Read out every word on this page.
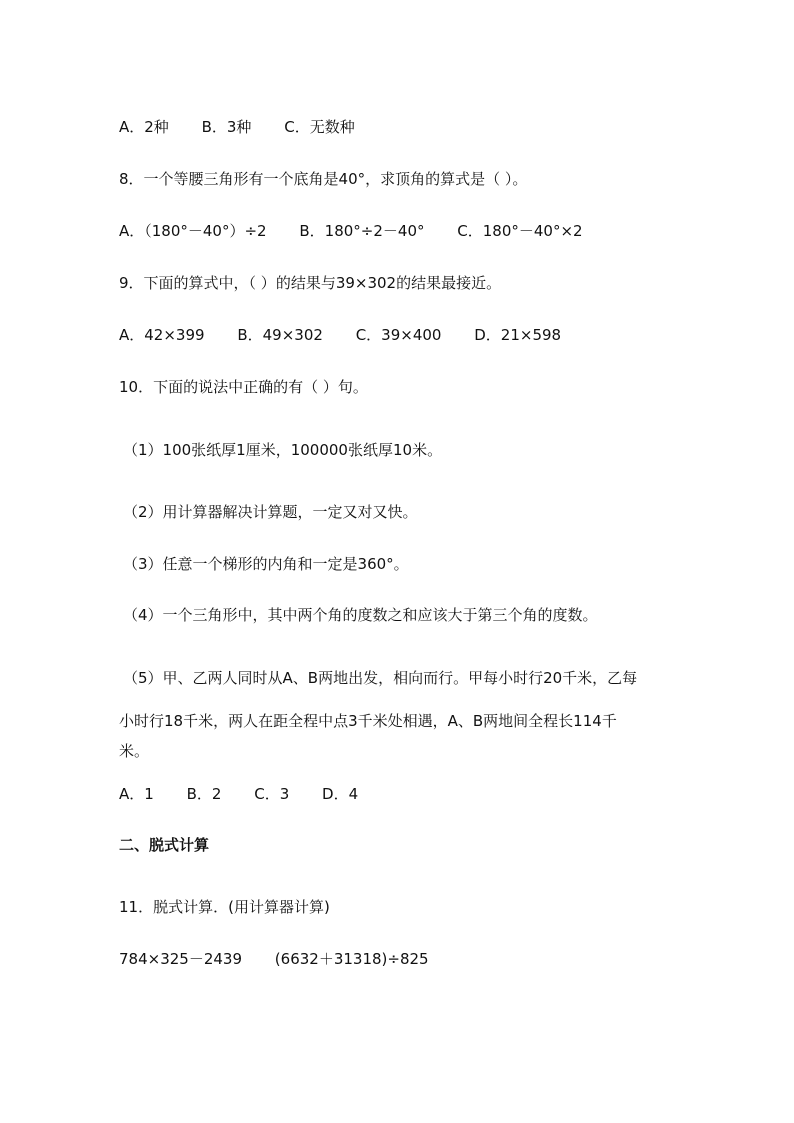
A．2种 B．3种 C．无数种
8．一个等腰三角形有一个底角是40°，求顶角的算式是（ ）。
A．（180°－40°）÷2 B．180°÷2－40° C．180°－40°×2
9．下面的算式中，（ ）的结果与39×302的结果最接近。
A．42×399 B．49×302 C．39×400 D．21×598
10．下面的说法中正确的有（ ）句。
（1）100张纸厚1厘米，100000张纸厚10米。
（2）用计算器解决计算题，一定又对又快。
（3）任意一个梯形的内角和一定是360°。
（4）一个三角形中，其中两个角的度数之和应该大于第三个角的度数。
（5）甲、乙两人同时从A、B两地出发，相向而行。甲每小时行20千米，乙每
小时行18千米，两人在距全程中点3千米处相遇，A、B两地间全程长114千
米。
A．1 B．2 C．3 D．4
二、脱式计算
11．脱式计算．(用计算器计算)
784×325－2439 (6632＋31318)÷825
